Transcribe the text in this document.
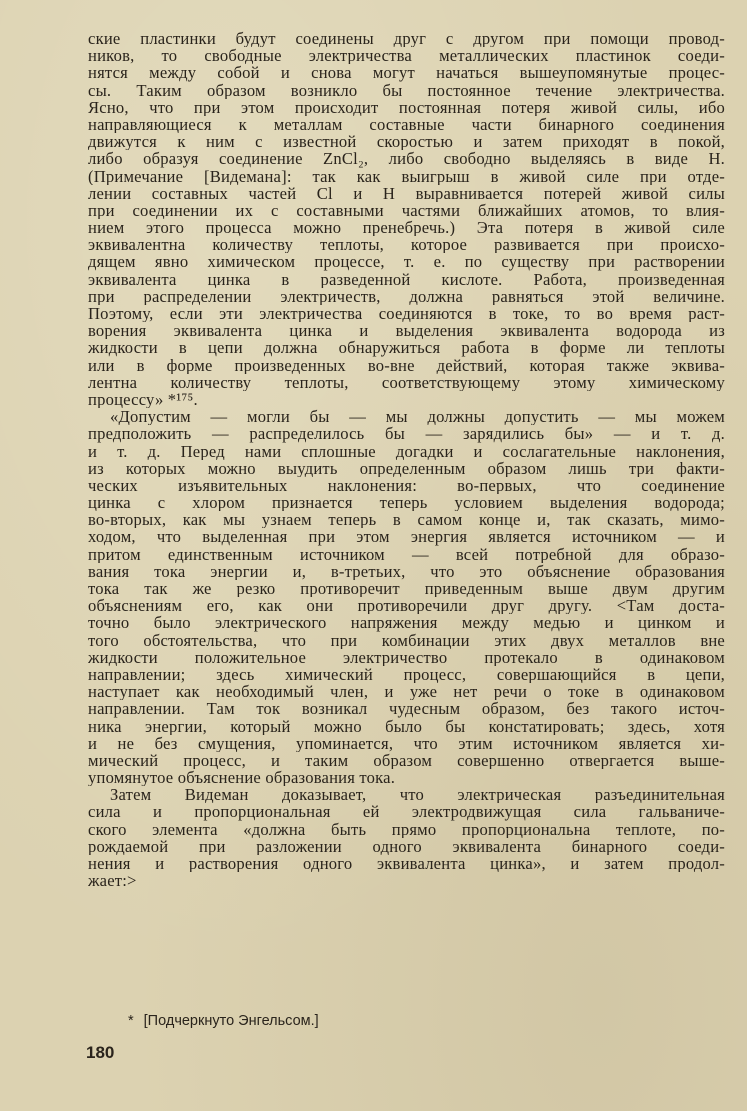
ские пластинки будут соединены друг с другом при помощи провод-
ников, то свободные электричества металлических пластинок соеди-
нятся между собой и снова могут начаться вышеупомянутые процес-
сы. Таким образом возникло бы постоянное течение электричества.
Ясно, что при этом происходит постоянная потеря живой силы, ибо
направляющиеся к металлам составные части бинарного соединения
движутся к ним с известной скоростью и затем приходят в покой,
либо образуя соединение ZnCl₂, либо свободно выделяясь в виде H.
(Примечание [Видемана]: так как выигрыш в живой силе при отде-
лении составных частей Cl и H выравнивается потерей живой силы
при соединении их с составными частями ближайших атомов, то влия-
нием этого процесса можно пренебречь.) Эта потеря в живой силе
эквивалентна количеству теплоты, которое развивается при происхо-
дящем явно химическом процессе, т. е. по существу при растворении
эквивалента цинка в разведенной кислоте. Работа, произведенная
при распределении электричеств, должна равняться этой величине.
Поэтому, если эти электричества соединяются в токе, то во время раст-
ворения эквивалента цинка и выделения эквивалента водорода из
жидкости в цепи должна обнаружиться работа в форме ли теплоты
или в форме произведенных во-вне действий, которая также эквива-
лентна количеству теплоты, соответствующему этому химическому
процессу» *¹⁷⁵.
«Допустим — могли бы — мы должны допустить — мы можем
предположить — распределилось бы — зарядились бы» — и т. д.
и т. д. Перед нами сплошные догадки и сослагательные наклонения,
из которых можно выудить определенным образом лишь три факти-
ческих изъявительных наклонения: во-первых, что соединение
цинка с хлором признается теперь условием выделения водорода;
во-вторых, как мы узнаем теперь в самом конце и, так сказать, мимо-
ходом, что выделенная при этом энергия является источником — и
притом единственным источником — всей потребной для образо-
вания тока энергии и, в-третьих, что это объяснение образования
тока так же резко противоречит приведенным выше двум другим
объяснениям его, как они противоречили друг другу. <Там доста-
точно было электрического напряжения между медью и цинком и
того обстоятельства, что при комбинации этих двух металлов вне
жидкости положительное электричество протекало в одинаковом
направлении; здесь химический процесс, совершающийся в цепи,
наступает как необходимый член, и уже нет речи о токе в одинаковом
направлении. Там ток возникал чудесным образом, без такого источ-
ника энергии, который можно было бы констатировать; здесь, хотя
и не без смущения, упоминается, что этим источником является хи-
мический процесс, и таким образом совершенно отвергается выше-
упомянутое объяснение образования тока.
Затем Видеман доказывает, что электрическая разъединительная
сила и пропорциональная ей электродвижущая сила гальваниче-
ского элемента «должна быть прямо пропорциональна теплоте, по-
рождаемой при разложении одного эквивалента бинарного соеди-
нения и растворения одного эквивалента цинка», и затем продол-
жает:>
* [Подчеркнуто Энгельсом.]
180
